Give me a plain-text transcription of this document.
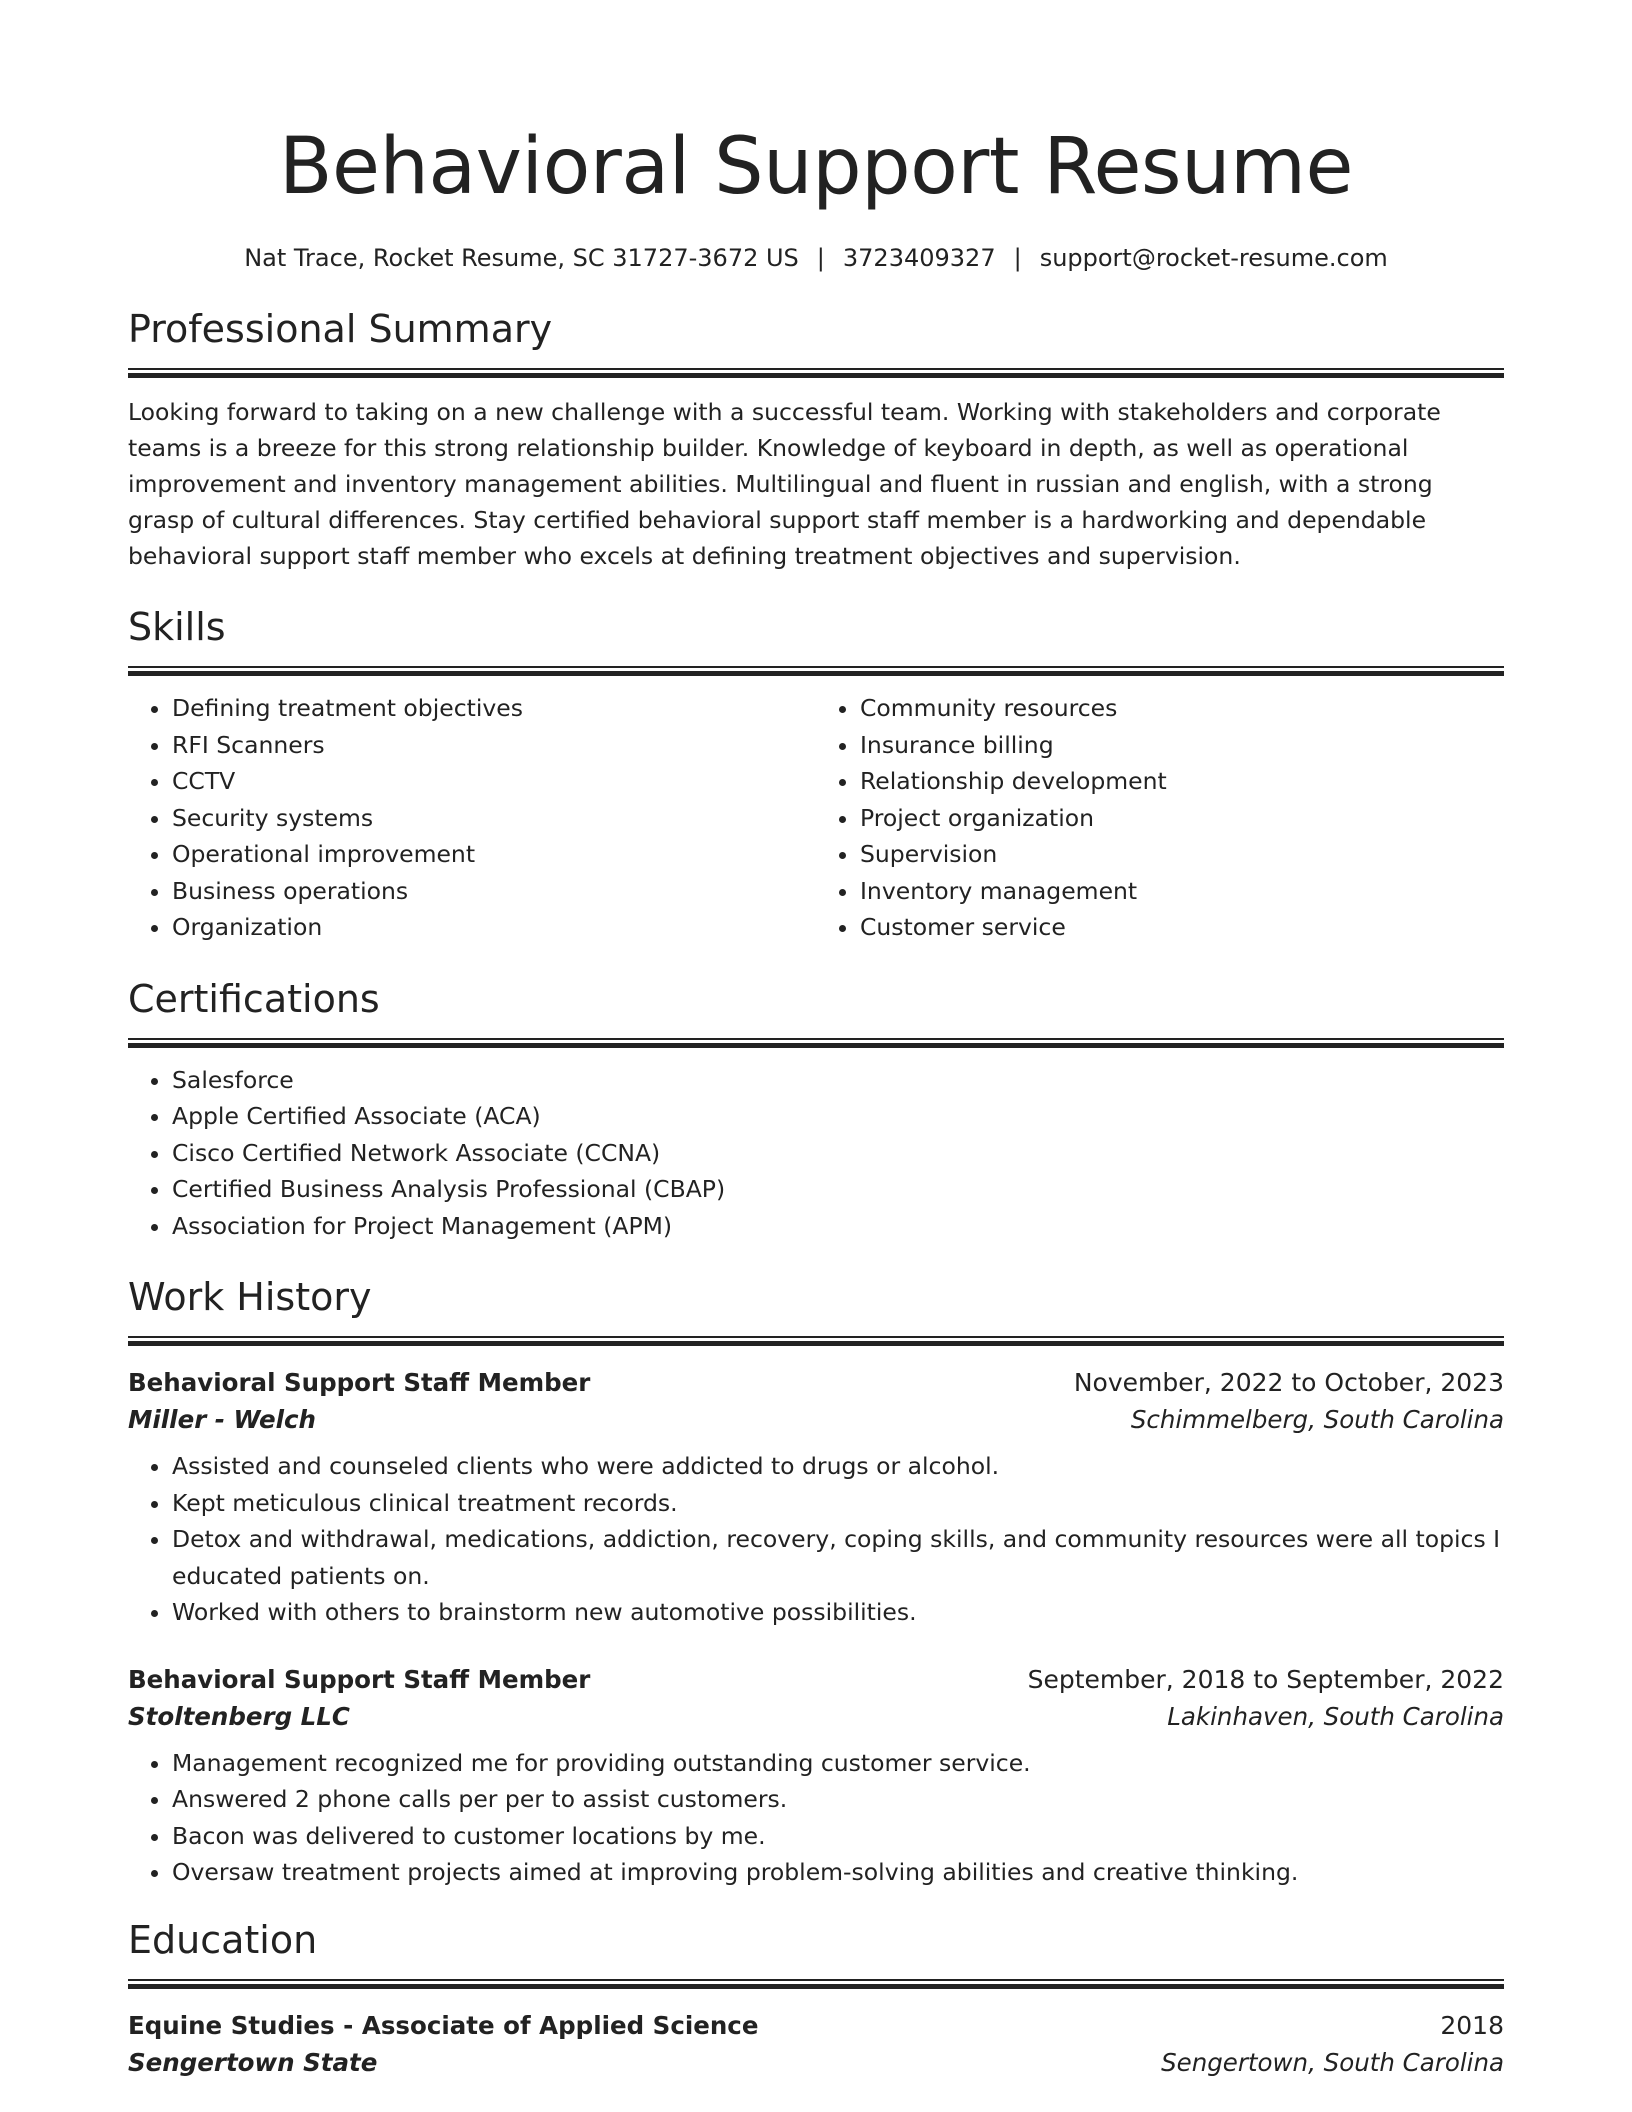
Behavioral Support Resume
Nat Trace, Rocket Resume, SC 31727-3672 US | 3723409327 | support@rocket-resume.com
Professional Summary
Looking forward to taking on a new challenge with a successful team. Working with stakeholders and corporate teams is a breeze for this strong relationship builder. Knowledge of keyboard in depth, as well as operational improvement and inventory management abilities. Multilingual and fluent in russian and english, with a strong grasp of cultural differences. Stay certified behavioral support staff member is a hardworking and dependable behavioral support staff member who excels at defining treatment objectives and supervision.
Skills
• Defining treatment objectives
• RFI Scanners
• CCTV
• Security systems
• Operational improvement
• Business operations
• Organization
• Community resources
• Insurance billing
• Relationship development
• Project organization
• Supervision
• Inventory management
• Customer service
Certifications
• Salesforce
• Apple Certified Associate (ACA)
• Cisco Certified Network Associate (CCNA)
• Certified Business Analysis Professional (CBAP)
• Association for Project Management (APM)
Work History
Behavioral Support Staff Member	November, 2022 to October, 2023
Miller - Welch	Schimmelberg, South Carolina
• Assisted and counseled clients who were addicted to drugs or alcohol.
• Kept meticulous clinical treatment records.
• Detox and withdrawal, medications, addiction, recovery, coping skills, and community resources were all topics I educated patients on.
• Worked with others to brainstorm new automotive possibilities.
Behavioral Support Staff Member	September, 2018 to September, 2022
Stoltenberg LLC	Lakinhaven, South Carolina
• Management recognized me for providing outstanding customer service.
• Answered 2 phone calls per per to assist customers.
• Bacon was delivered to customer locations by me.
• Oversaw treatment projects aimed at improving problem-solving abilities and creative thinking.
Education
Equine Studies - Associate of Applied Science	2018
Sengertown State	Sengertown, South Carolina
